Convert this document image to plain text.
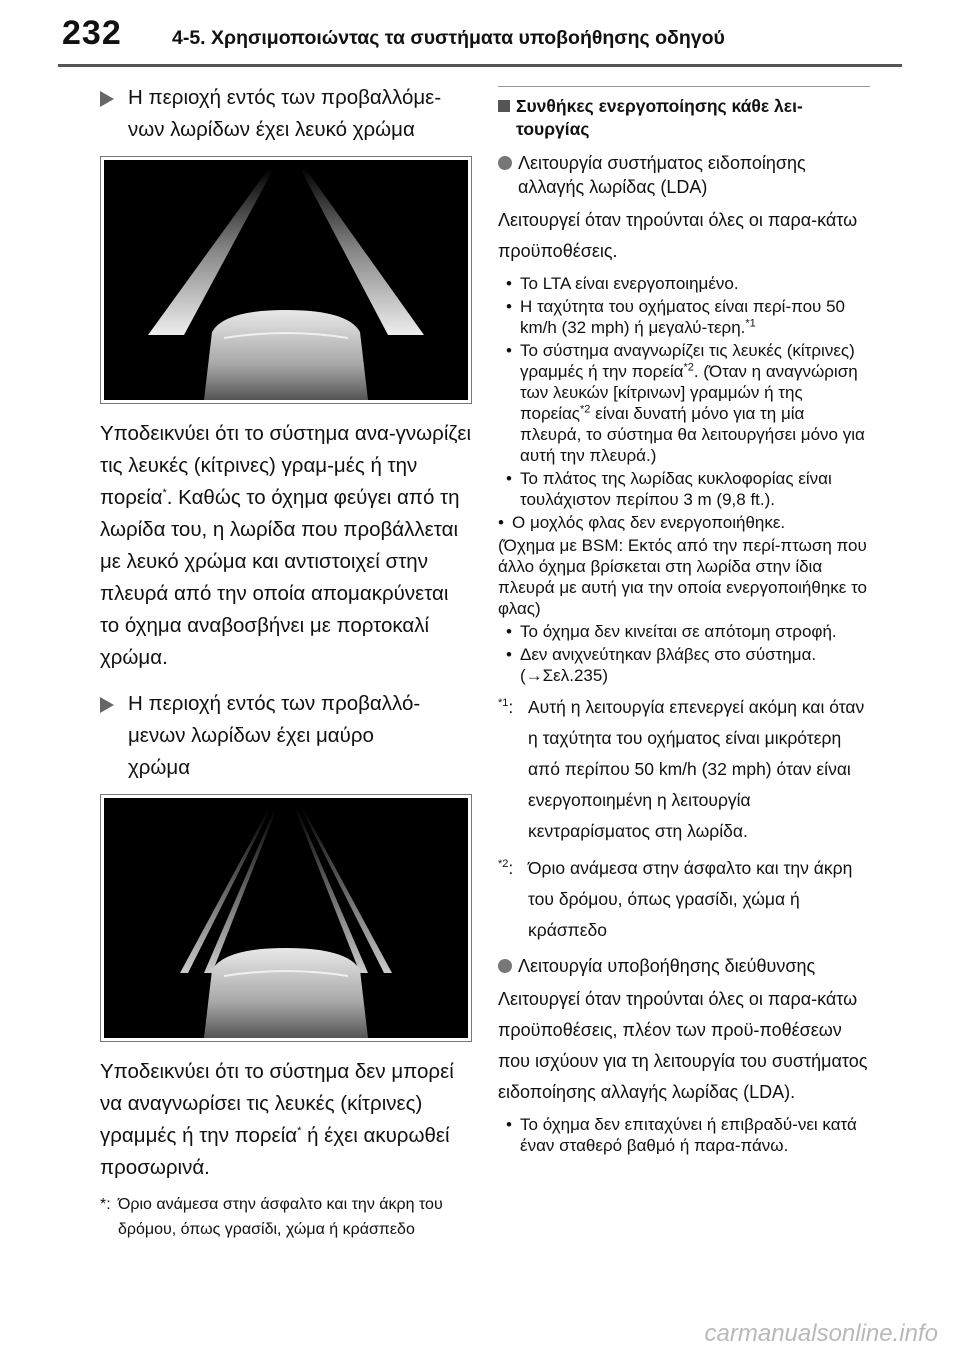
232	4-5. Χρησιμοποιώντας τα συστήματα υποβοήθησης οδηγού
Η περιοχή εντός των προβαλλόμε-
νων λωρίδων έχει λευκό χρώμα

Υποδεικνύει ότι το σύστημα ανα-γνωρίζει τις λευκές (κίτρινες) γραμ-μές ή την πορεία*. Καθώς το όχημα φεύγει από τη λωρίδα του, η λωρίδα που προβάλλεται με λευκό χρώμα και αντιστοιχεί στην πλευρά από την οποία απομακρύνεται το όχημα αναβοσβήνει με πορτοκαλί χρώμα.

Η περιοχή εντός των προβαλλό-
μενων λωρίδων έχει μαύρο
χρώμα

Υποδεικνύει ότι το σύστημα δεν μπορεί να αναγνωρίσει τις λευκές (κίτρινες) γραμμές ή την πορεία* ή έχει ακυρωθεί προσωρινά.

*: Όριο ανάμεσα στην άσφαλτο και την άκρη του δρόμου, όπως γρασίδι, χώμα ή κράσπεδο
Συνθήκες ενεργοποίησης κάθε λει-τουργίας
Λειτουργία συστήματος ειδοποίησης αλλαγής λωρίδας (LDA)
Λειτουργεί όταν τηρούνται όλες οι παρα-κάτω προϋποθέσεις.
• Το LTA είναι ενεργοποιημένο.
• Η ταχύτητα του οχήματος είναι περί-που 50 km/h (32 mph) ή μεγαλύ-τερη.$^{*1}$
• Το σύστημα αναγνωρίζει τις λευκές (κίτρινες) γραμμές ή την πορεία$^{*2}$. (Όταν η αναγνώριση των λευκών [κίτρινων] γραμμών ή της πορείας$^{*2}$ είναι δυνατή μόνο για τη μία πλευρά, το σύστημα θα λειτουργήσει μόνο για αυτή την πλευρά.)
• Το πλάτος της λωρίδας κυκλοφορίας είναι τουλάχιστον περίπου 3 m (9,8 ft.).
• Ο μοχλός φλας δεν ενεργοποιήθηκε.
(Όχημα με BSM: Εκτός από την περί-πτωση που άλλο όχημα βρίσκεται στη λωρίδα στην ίδια πλευρά με αυτή για την οποία ενεργοποιήθηκε το φλας)
• Το όχημα δεν κινείται σε απότομη στροφή.
• Δεν ανιχνεύτηκαν βλάβες στο σύστημα. (→Σελ.235)
$^{*1}$: Αυτή η λειτουργία επενεργεί ακόμη και όταν η ταχύτητα του οχήματος είναι μικρότερη από περίπου 50 km/h (32 mph) όταν είναι ενεργοποιημένη η λειτουργία κεντραρίσματος στη λωρίδα.
$^{*2}$: Όριο ανάμεσα στην άσφαλτο και την άκρη του δρόμου, όπως γρασίδι, χώμα ή κράσπεδο
Λειτουργία υποβοήθησης διεύθυνσης
Λειτουργεί όταν τηρούνται όλες οι παρα-κάτω προϋποθέσεις, πλέον των προϋ-ποθέσεων που ισχύουν για τη λειτουργία του συστήματος ειδοποίησης αλλαγής λωρίδας (LDA).
• Το όχημα δεν επιταχύνει ή επιβραδύ-νει κατά έναν σταθερό βαθμό ή παρα-πάνω.
carmanualsonline.info
